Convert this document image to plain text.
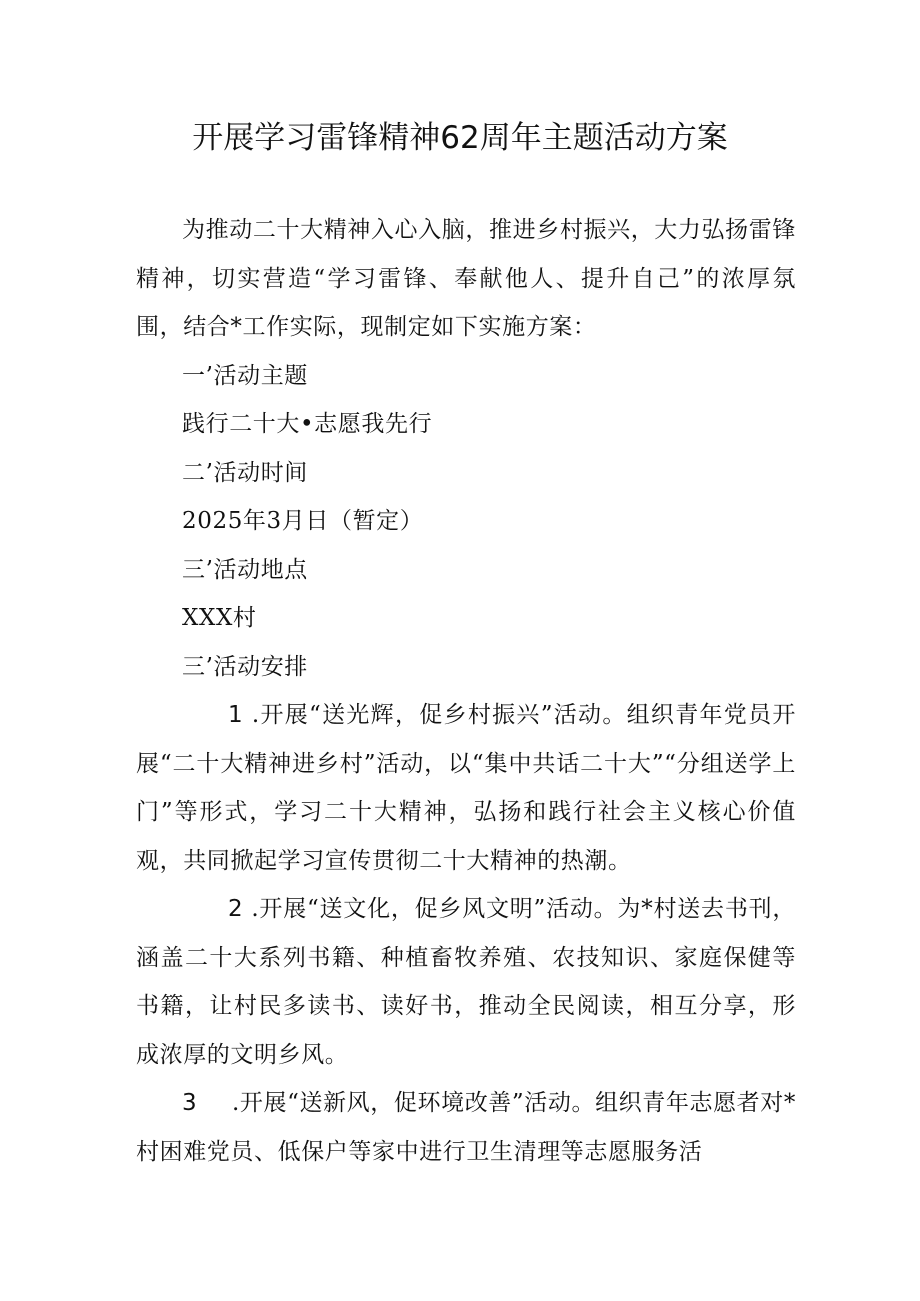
开展学习雷锋精神62周年主题活动方案

为推动二十大精神入心入脑，推进乡村振兴，大力弘扬雷锋精神，切实营造“学习雷锋、奉献他人、提升自己”的浓厚氛围，结合*工作实际，现制定如下实施方案：

一’活动主题

践行二十大•志愿我先行

二’活动时间

2025年3月日（暂定）

三’活动地点

XXX村

三’活动安排

1 .开展“送光辉，促乡村振兴”活动。组织青年党员开展“二十大精神进乡村”活动，以“集中共话二十大”“分组送学上门”等形式，学习二十大精神，弘扬和践行社会主义核心价值观，共同掀起学习宣传贯彻二十大精神的热潮。

2 .开展“送文化，促乡风文明”活动。为*村送去书刊，涵盖二十大系列书籍、种植畜牧养殖、农技知识、家庭保健等书籍，让村民多读书、读好书，推动全民阅读，相互分享，形成浓厚的文明乡风。

3 .开展“送新风，促环境改善”活动。组织青年志愿者对*村困难党员、低保户等家中进行卫生清理等志愿服务活
